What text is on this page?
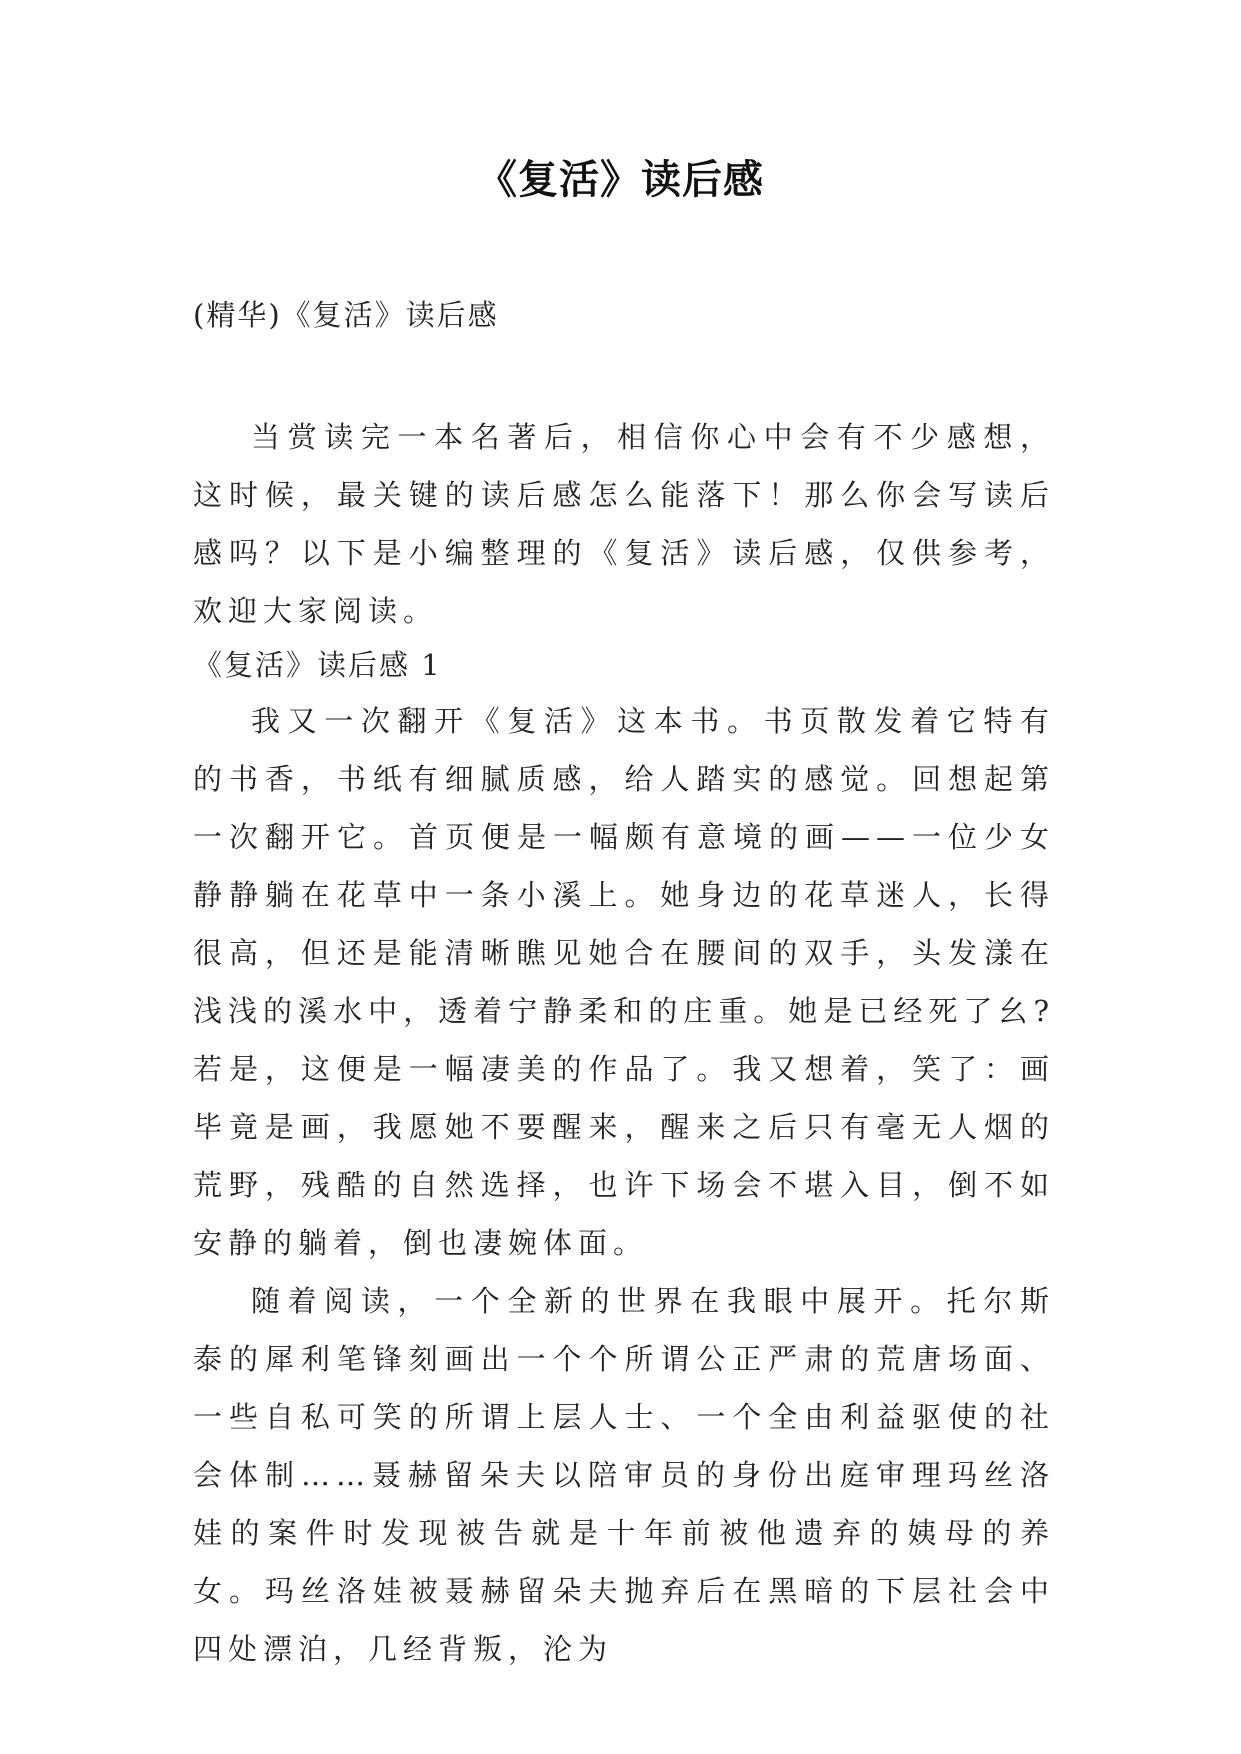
《复活》读后感
(精华)《复活》读后感

当赏读完一本名著后，相信你心中会有不少感想，这时候，最关键的读后感怎么能落下！那么你会写读后感吗？以下是小编整理的《复活》读后感，仅供参考，欢迎大家阅读。

《复活》读后感 1

我又一次翻开《复活》这本书。书页散发着它特有的书香，书纸有细腻质感，给人踏实的感觉。回想起第一次翻开它。首页便是一幅颇有意境的画——一位少女静静躺在花草中一条小溪上。她身边的花草迷人，长得很高，但还是能清晰瞧见她合在腰间的双手，头发漾在浅浅的溪水中，透着宁静柔和的庄重。她是已经死了幺?若是，这便是一幅凄美的作品了。我又想着，笑了：画毕竟是画，我愿她不要醒来，醒来之后只有毫无人烟的荒野，残酷的自然选择，也许下场会不堪入目，倒不如安静的躺着，倒也凄婉体面。

随着阅读，一个全新的世界在我眼中展开。托尔斯泰的犀利笔锋刻画出一个个所谓公正严肃的荒唐场面、一些自私可笑的所谓上层人士、一个全由利益驱使的社会体制……聂赫留朵夫以陪审员的身份出庭审理玛丝洛娃的案件时发现被告就是十年前被他遗弃的姨母的养女。玛丝洛娃被聂赫留朵夫抛弃后在黑暗的下层社会中四处漂泊，几经背叛，沦为
